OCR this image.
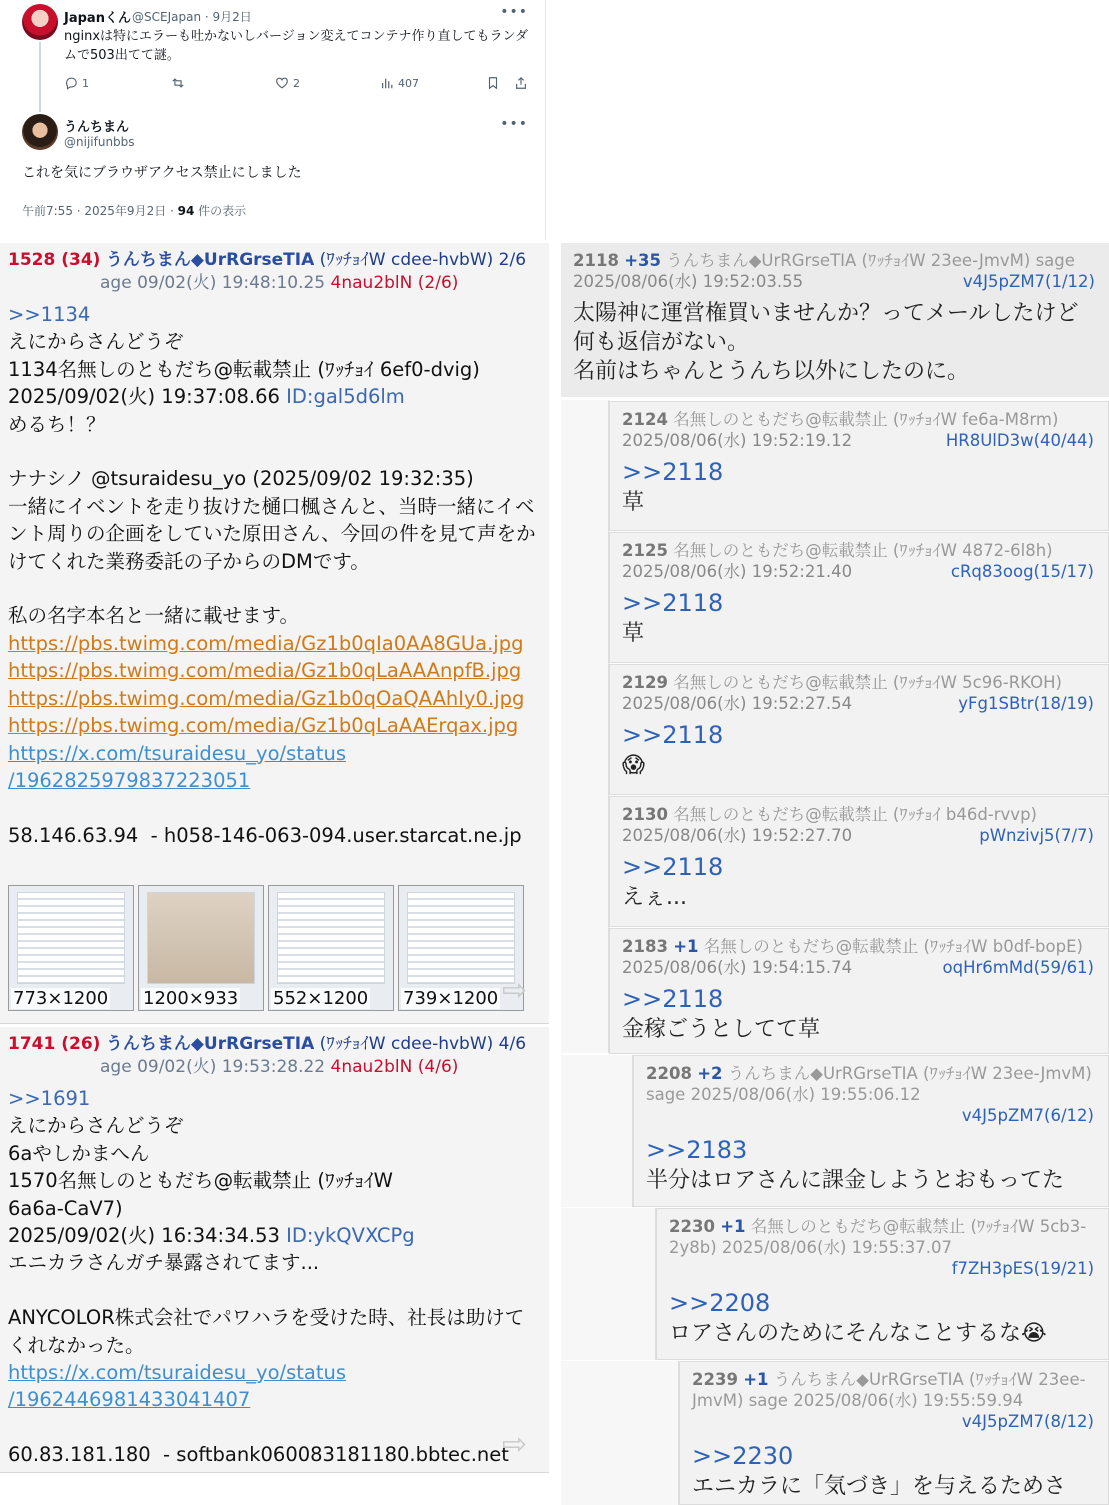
Japanくん @SCEJapan · 9月2日	•••
nginxは特にエラーも吐かないしバージョン変えてコンテナ作り直してもランダムで503出てて謎。
1	2	407
うんちまん
@nijifunbbs
•••
これを気にブラウザアクセス禁止にしました
午前7:55 · 2025年9月2日 · 94 件の表示
1528 (34) うんちまん◆UrRGrseTIA (ﾜｯﾁｮｲW cdee-hvbW) 2/6
age 09/02(火) 19:48:10.25 4nau2blN (2/6)
>>1134
えにからさんどうぞ
1134名無しのともだち@転載禁止 (ﾜｯﾁｮｲ 6ef0-dvig)
2025/09/02(火) 19:37:08.66 ID:gal5d6lm
めるち！？

ナナシノ @tsuraidesu_yo (2025/09/02 19:32:35)
一緒にイベントを走り抜けた樋口楓さんと、当時一緒にイベント周りの企画をしていた原田さん、今回の件を見て声をかけてくれた業務委託の子からのDMです。

私の名字本名と一緒に載せます。
https://pbs.twimg.com/media/Gz1b0qIa0AA8GUa.jpg
https://pbs.twimg.com/media/Gz1b0qLaAAAnpfB.jpg
https://pbs.twimg.com/media/Gz1b0qOaQAAhIy0.jpg
https://pbs.twimg.com/media/Gz1b0qLaAAErqax.jpg
https://x.com/tsuraidesu_yo/status
/1962825979837223051

58.146.63.94  - h058-146-063-094.user.starcat.ne.jp
773×1200 1200×933 552×1200 739×1200 ⇨
1741 (26) うんちまん◆UrRGrseTIA (ﾜｯﾁｮｲW cdee-hvbW) 4/6
age 09/02(火) 19:53:28.22 4nau2blN (4/6)
>>1691
えにからさんどうぞ
6aやしかまへん
1570名無しのともだち@転載禁止 (ﾜｯﾁｮｲW
6a6a-CaV7)
2025/09/02(火) 16:34:34.53 ID:ykQVXCPg
エニカラさんガチ暴露されてます...

ANYCOLOR株式会社でパワハラを受けた時、社長は助けてくれなかった。
https://x.com/tsuraidesu_yo/status
/1962446981433041407

60.83.181.180  - softbank060083181180.bbtec.net
⇨
2118 +35 うんちまん◆UrRGrseTIA (ﾜｯﾁｮｲW 23ee-JmvM) sage
2025/08/06(水) 19:52:03.55	v4J5pZM7(1/12)
太陽神に運営権買いませんか？ってメールしたけど何も返信がない。
名前はちゃんとうんち以外にしたのに。
2124 名無しのともだち@転載禁止 (ﾜｯﾁｮｲW fe6a-M8rm)
2025/08/06(水) 19:52:19.12	HR8UlD3w(40/44)
>>2118
草
2125 名無しのともだち@転載禁止 (ﾜｯﾁｮｲW 4872-6l8h)
2025/08/06(水) 19:52:21.40	cRq83oog(15/17)
>>2118
草
2129 名無しのともだち@転載禁止 (ﾜｯﾁｮｲW 5c96-RKOH)
2025/08/06(水) 19:52:27.54	yFg1SBtr(18/19)
>>2118
😱
2130 名無しのともだち@転載禁止 (ﾜｯﾁｮｲ b46d-rvvp)
2025/08/06(水) 19:52:27.70	pWnzivj5(7/7)
>>2118
えぇ...
2183 +1 名無しのともだち@転載禁止 (ﾜｯﾁｮｲW b0df-bopE)
2025/08/06(水) 19:54:15.74	oqHr6mMd(59/61)
>>2118
金稼ごうとしてて草
2208 +2 うんちまん◆UrRGrseTIA (ﾜｯﾁｮｲW 23ee-JmvM) sage 2025/08/06(水) 19:55:06.12

v4J5pZM7(6/12)
>>2183
半分はロアさんに課金しようとおもってた
2230 +1 名無しのともだち@転載禁止 (ﾜｯﾁｮｲW 5cb3-2y8b) 2025/08/06(水) 19:55:37.07

f7ZH3pES(19/21)
>>2208
ロアさんのためにそんなことするな😭
2239 +1 うんちまん◆UrRGrseTIA (ﾜｯﾁｮｲW 23ee-JmvM) sage 2025/08/06(水) 19:55:59.94

v4J5pZM7(8/12)
>>2230
エニカラに「気づき」を与えるためさ
